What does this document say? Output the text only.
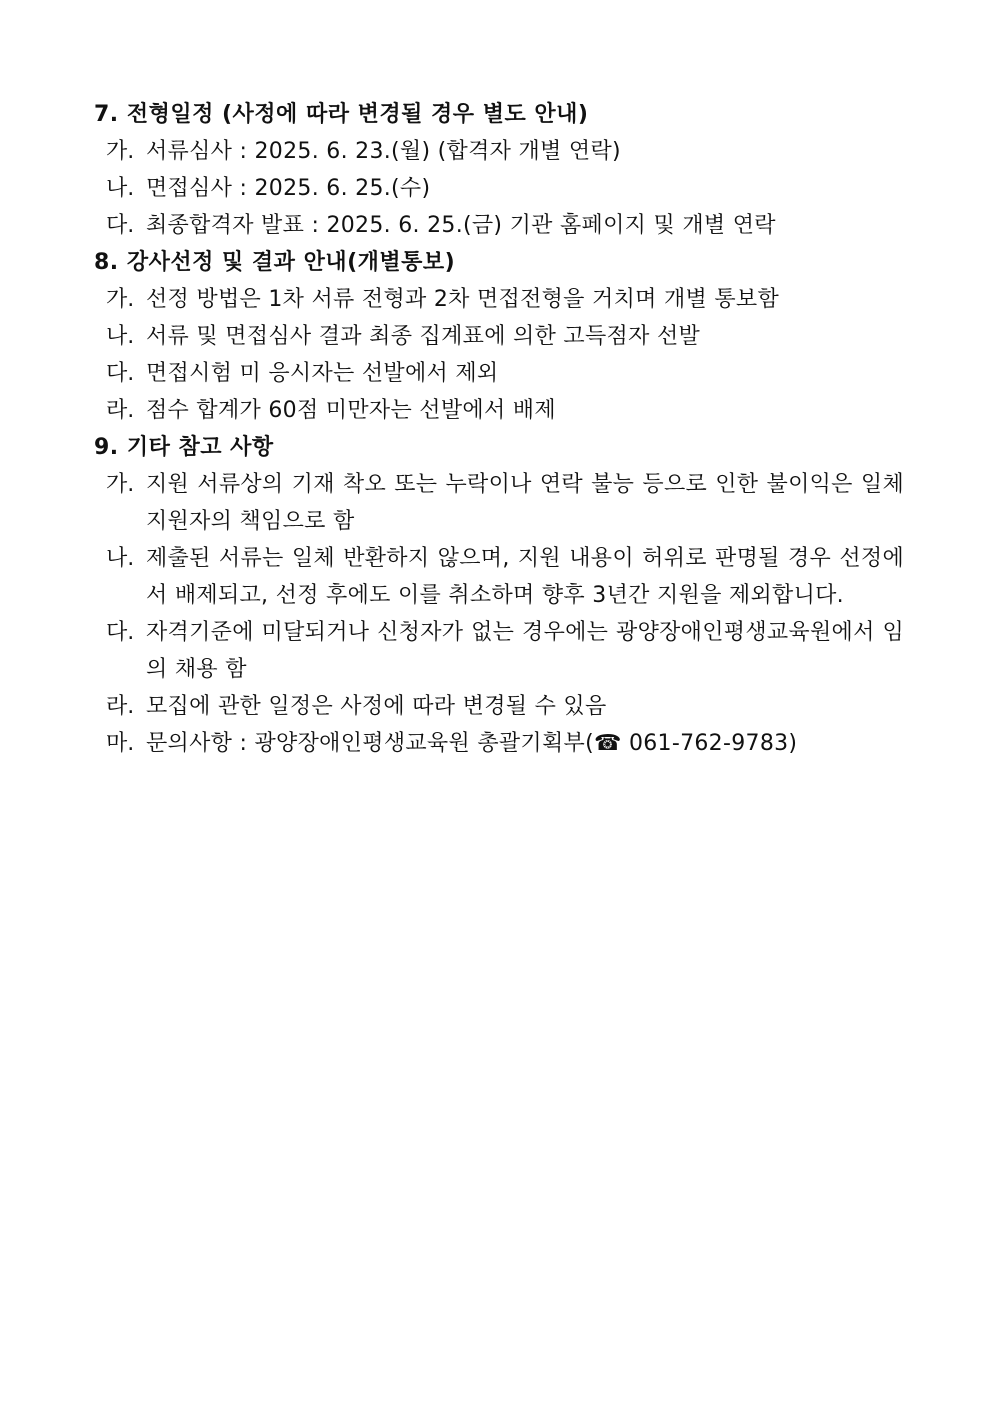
7. 전형일정 (사정에 따라 변경될 경우 별도 안내)
가. 서류심사 : 2025. 6. 23.(월) (합격자 개별 연락)
나. 면접심사 : 2025. 6. 25.(수)
다. 최종합격자 발표 : 2025. 6. 25.(금) 기관 홈페이지 및 개별 연락
8. 강사선정 및 결과 안내(개별통보)
가. 선정 방법은 1차 서류 전형과 2차 면접전형을 거치며 개별 통보함
나. 서류 및 면접심사 결과 최종 집계표에 의한 고득점자 선발
다. 면접시험 미 응시자는 선발에서 제외
라. 점수 합계가 60점 미만자는 선발에서 배제
9. 기타 참고 사항
가. 지원 서류상의 기재 착오 또는 누락이나 연락 불능 등으로 인한 불이익은 일체 지원자의 책임으로 함
나. 제출된 서류는 일체 반환하지 않으며, 지원 내용이 허위로 판명될 경우 선정에서 배제되고, 선정 후에도 이를 취소하며 향후 3년간 지원을 제외합니다.
다. 자격기준에 미달되거나 신청자가 없는 경우에는 광양장애인평생교육원에서 임의 채용 함
라. 모집에 관한 일정은 사정에 따라 변경될 수 있음
마. 문의사항 : 광양장애인평생교육원 총괄기획부(☎ 061-762-9783)
